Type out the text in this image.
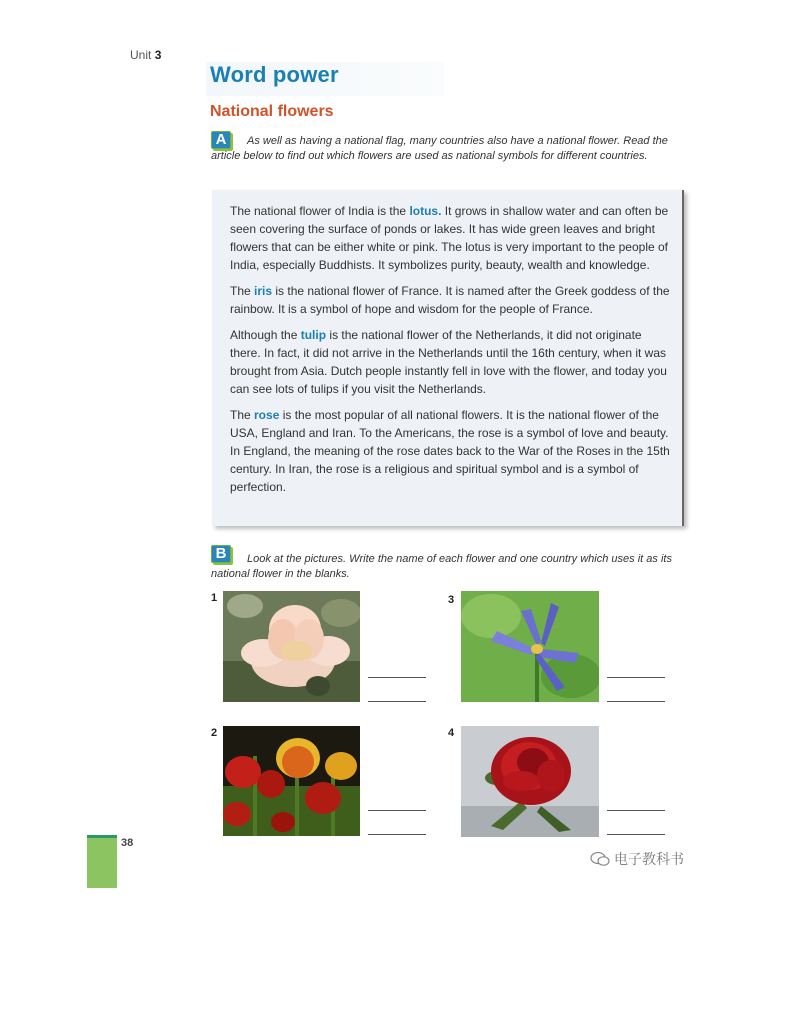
Unit 3
Word power
National flowers
A	As well as having a national flag, many countries also have a national flower. Read the article below to find out which flowers are used as national symbols for different countries.

The national flower of India is the lotus. It grows in shallow water and can often be seen covering the surface of ponds or lakes. It has wide green leaves and bright flowers that can be either white or pink. The lotus is very important to the people of India, especially Buddhists. It symbolizes purity, beauty, wealth and knowledge.

The iris is the national flower of France. It is named after the Greek goddess of the rainbow. It is a symbol of hope and wisdom for the people of France.

Although the tulip is the national flower of the Netherlands, it did not originate there. In fact, it did not arrive in the Netherlands until the 16th century, when it was brought from Asia. Dutch people instantly fell in love with the flower, and today you can see lots of tulips if you visit the Netherlands.

The rose is the most popular of all national flowers. It is the national flower of the USA, England and Iran. To the Americans, the rose is a symbol of love and beauty. In England, the meaning of the rose dates back to the War of the Roses in the 15th century. In Iran, the rose is a religious and spiritual symbol and is a symbol of perfection.

B	Look at the pictures. Write the name of each flower and one country which uses it as its national flower in the blanks.
1	3
2	4
38
电子教科书
